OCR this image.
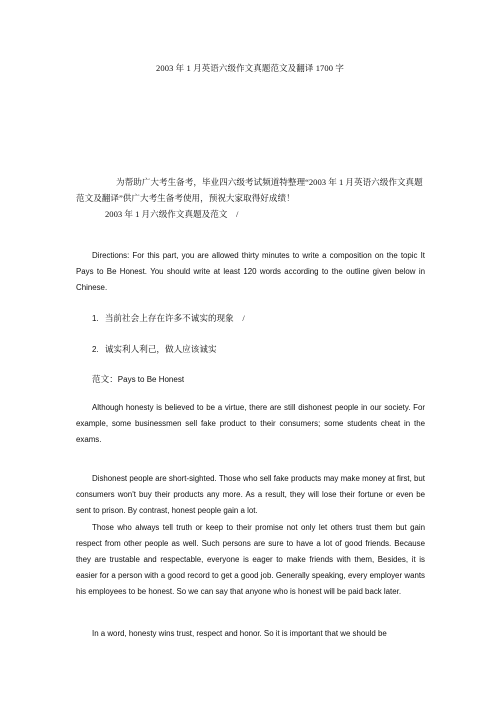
2003 年 1 月英语六级作文真题范文及翻译 1700 字
为帮助广大考生备考，毕业四六级考试频道特整理“2003 年 1 月英语六级作文真题范文及翻译”供广大考生备考使用，预祝大家取得好成绩！
2003 年 1 月六级作文真题及范文　/
Directions: For this part, you are allowed thirty minutes to write a composition on the topic It Pays to Be Honest. You should write at least 120 words according to the outline given below in Chinese.
1. 当前社会上存在许多不诚实的现象　/
2. 诚实利人利己，做人应该诚实
范文：Pays to Be Honest
Although honesty is believed to be a virtue, there are still dishonest people in our society. For example, some businessmen sell fake product to their consumers; some students cheat in the exams.
Dishonest people are short-sighted. Those who sell fake products may make money at first, but consumers won't buy their products any more. As a result, they will lose their fortune or even be sent to prison. By contrast, honest people gain a lot.
Those who always tell truth or keep to their promise not only let others trust them but gain respect from other people as well. Such persons are sure to have a lot of good friends. Because they are trustable and respectable, everyone is eager to make friends with them, Besides, it is easier for a person with a good record to get a good job. Generally speaking, every employer wants his employees to be honest. So we can say that anyone who is honest will be paid back later.
In a word, honesty wins trust, respect and honor. So it is important that we should be
